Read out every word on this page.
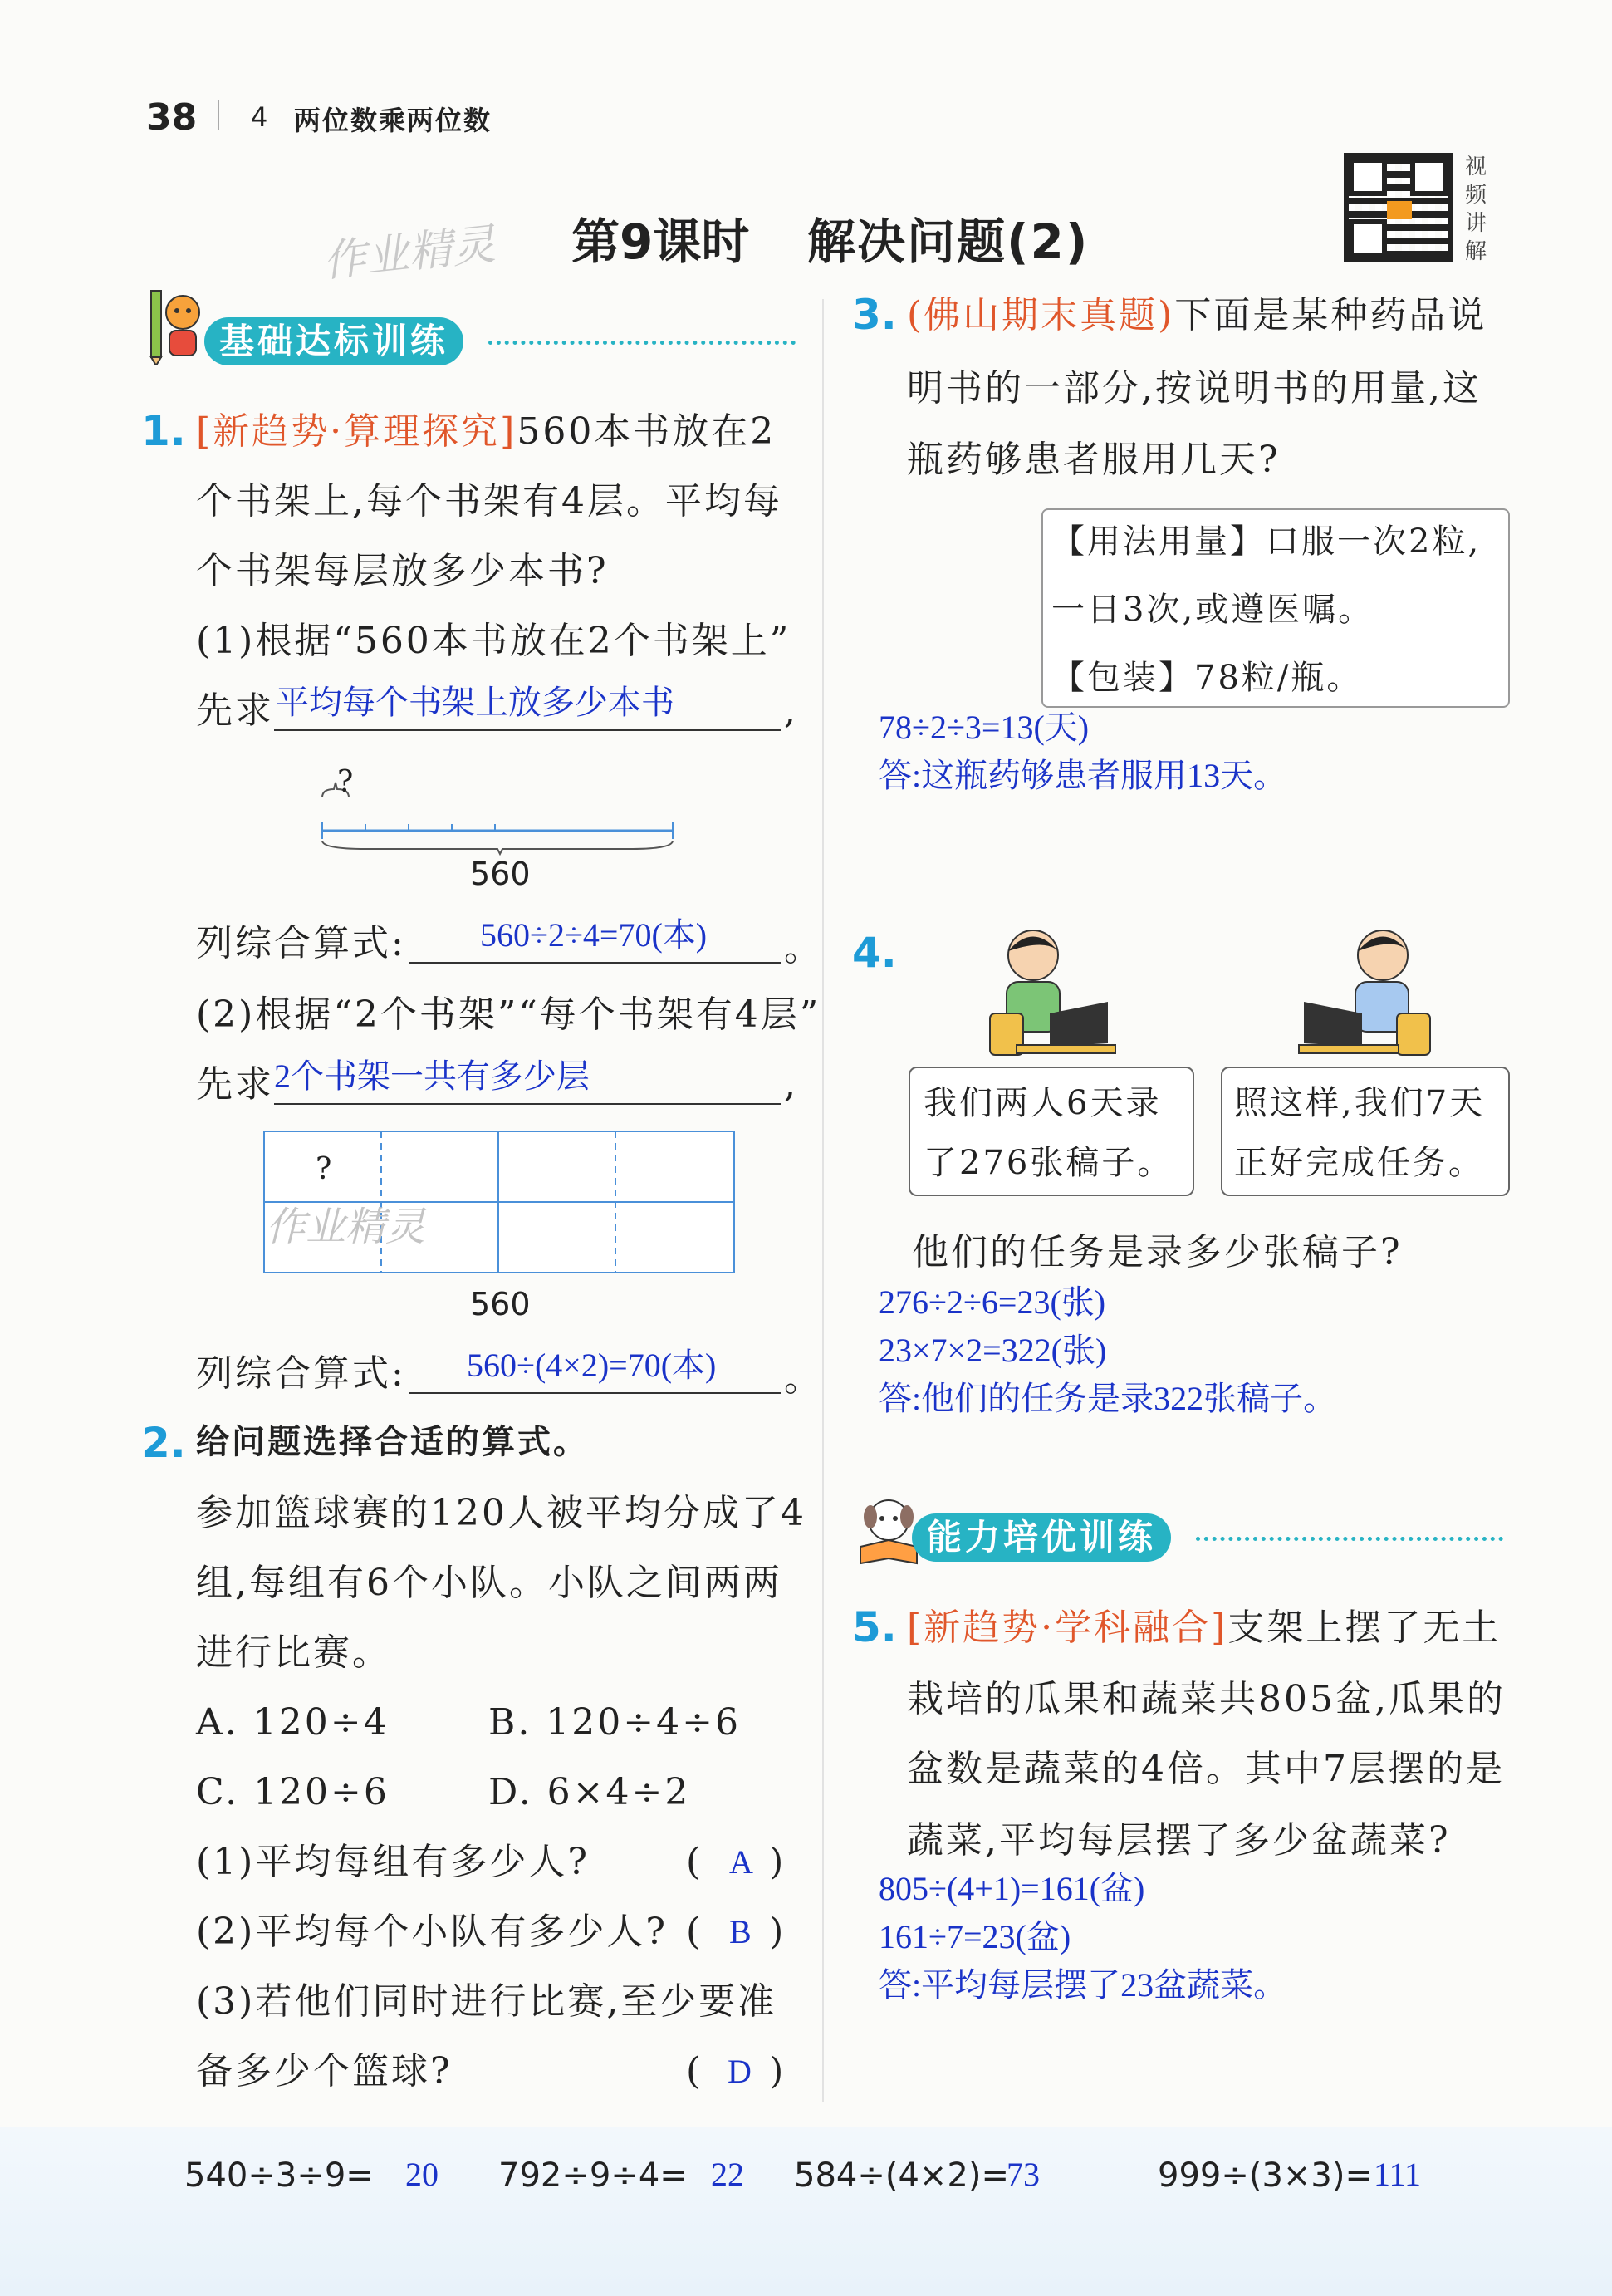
38 4 两位数乘两位数
作业精灵 第9课时 解决问题(2)
视
频
讲
解
基础达标训练
1. [新趋势·算理探究]560本书放在2
个书架上,每个书架有4层。平均每
个书架每层放多少本书?
(1)根据“560本书放在2个书架上”
先求 平均每个书架上放多少本书	,
?
560
列综合算式: 560÷2÷4=70(本) 。
(2)根据“2个书架”“每个书架有4层”
先求 2个书架一共有多少层	,
?
作业精灵
560
列综合算式: 560÷(4×2)=70(本) 。
2. 给问题选择合适的算式。
参加篮球赛的120人被平均分成了4
组,每组有6个小队。小队之间两两
进行比赛。
A. 120÷4	B. 120÷4÷6
C. 120÷6	D. 6×4÷2
(1)平均每组有多少人?	( )
A
(2)平均每个小队有多少人? ( )
B
(3)若他们同时进行比赛,至少要准
备多少个篮球?	( )
D
3. (佛山期末真题)下面是某种药品说
明书的一部分,按说明书的用量,这
瓶药够患者服用几天?
【用法用量】口服一次2粒,
一日3次,或遵医嘱。
【包装】78粒/瓶。
78÷2÷3=13(天)
答:这瓶药够患者服用13天。
4.
我们两人6天录
了276张稿子。
照这样,我们7天
正好完成任务。
他们的任务是录多少张稿子?
276÷2÷6=23(张)
23×7×2=322(张)
答:他们的任务是录322张稿子。
能力培优训练
5. [新趋势·学科融合]支架上摆了无土
栽培的瓜果和蔬菜共805盆,瓜果的
盆数是蔬菜的4倍。其中7层摆的是
蔬菜,平均每层摆了多少盆蔬菜?
805÷(4+1)=161(盆)
161÷7=23(盆)
答:平均每层摆了23盆蔬菜。
540÷3÷9= 20 792÷9÷4= 22 584÷(4×2)=
73	999÷(3×3)= 111
